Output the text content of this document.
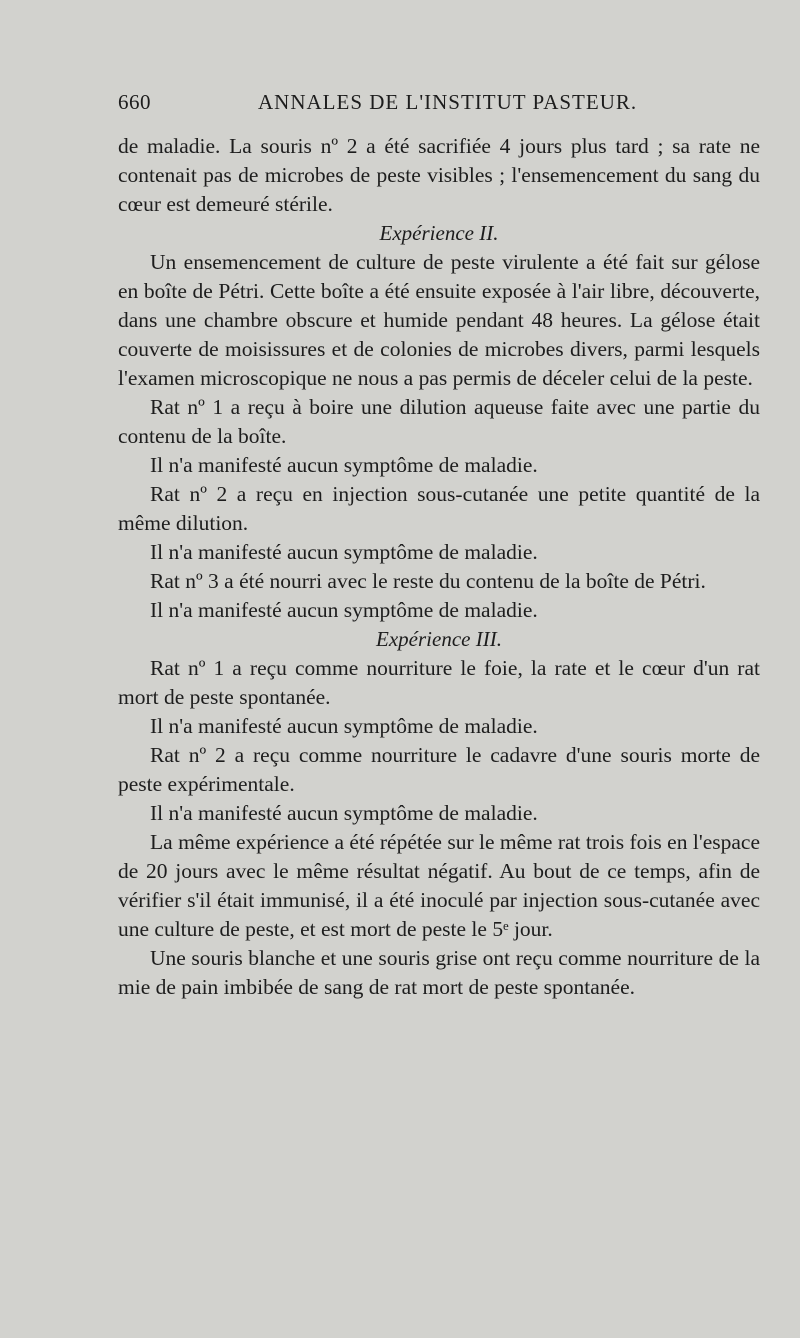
660	ANNALES DE L'INSTITUT PASTEUR.

de maladie. La souris nº 2 a été sacrifiée 4 jours plus tard ; sa rate ne contenait pas de microbes de peste visibles ; l'ensemencement du sang du cœur est demeuré stérile.

Expérience II.

Un ensemencement de culture de peste virulente a été fait sur gélose en boîte de Pétri. Cette boîte a été ensuite exposée à l'air libre, découverte, dans une chambre obscure et humide pendant 48 heures. La gélose était couverte de moisissures et de colonies de microbes divers, parmi lesquels l'examen microscopique ne nous a pas permis de déceler celui de la peste.

Rat nº 1 a reçu à boire une dilution aqueuse faite avec une partie du contenu de la boîte.

Il n'a manifesté aucun symptôme de maladie.

Rat nº 2 a reçu en injection sous-cutanée une petite quantité de la même dilution.

Il n'a manifesté aucun symptôme de maladie.

Rat nº 3 a été nourri avec le reste du contenu de la boîte de Pétri.

Il n'a manifesté aucun symptôme de maladie.

Expérience III.

Rat nº 1 a reçu comme nourriture le foie, la rate et le cœur d'un rat mort de peste spontanée.

Il n'a manifesté aucun symptôme de maladie.

Rat nº 2 a reçu comme nourriture le cadavre d'une souris morte de peste expérimentale.

Il n'a manifesté aucun symptôme de maladie.

La même expérience a été répétée sur le même rat trois fois en l'espace de 20 jours avec le même résultat négatif. Au bout de ce temps, afin de vérifier s'il était immunisé, il a été inoculé par injection sous-cutanée avec une culture de peste, et est mort de peste le 5ᵉ jour.

Une souris blanche et une souris grise ont reçu comme nourriture de la mie de pain imbibée de sang de rat mort de peste spontanée.
